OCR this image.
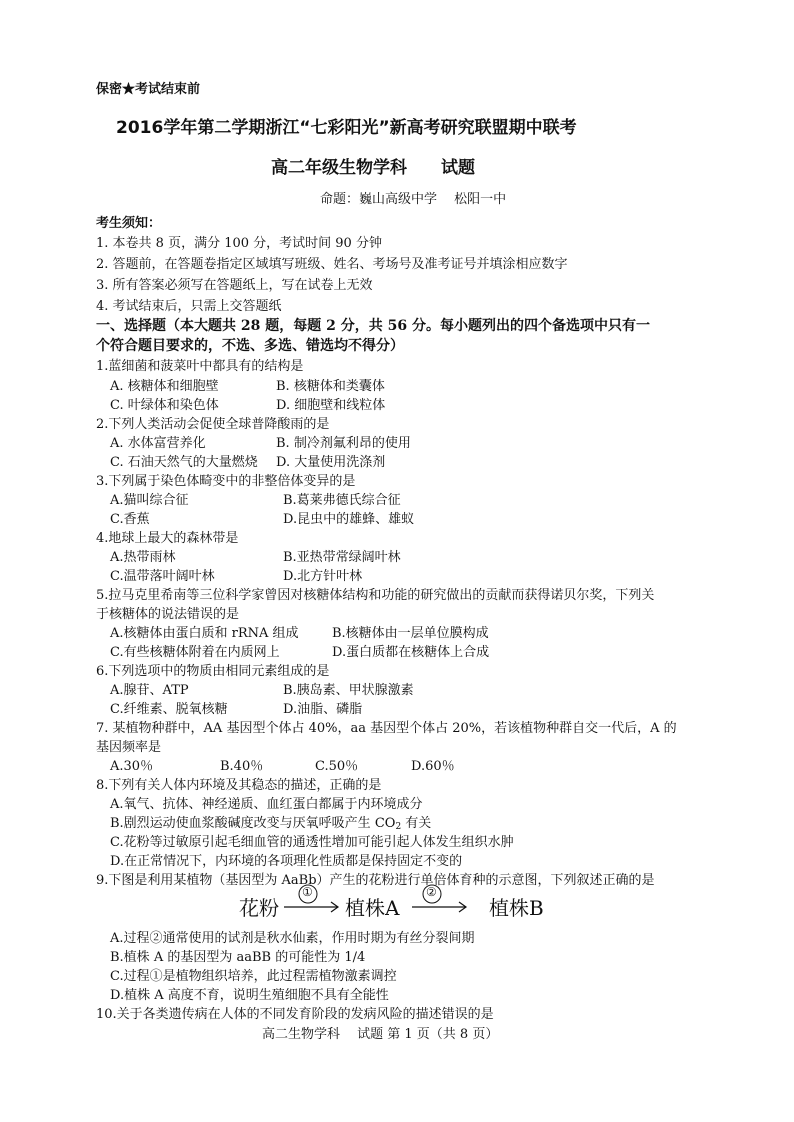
保密★考试结束前
2016学年第二学期浙江“七彩阳光”新高考研究联盟期中联考
高二年级生物学科　　试题
命题：巍山高级中学　 松阳一中
考生须知：
1. 本卷共 8 页，满分 100 分，考试时间 90 分钟
2. 答题前，在答题卷指定区域填写班级、姓名、考场号及准考证号并填涂相应数字
3. 所有答案必须写在答题纸上，写在试卷上无效
4. 考试结束后，只需上交答题纸
一、选择题（本大题共 28 题，每题 2 分，共 56 分。每小题列出的四个备选项中只有一
个符合题目要求的，不选、多选、错选均不得分）
1.蓝细菌和菠菜叶中都具有的结构是
A. 核糖体和细胞壁	B. 核糖体和类囊体
C. 叶绿体和染色体	D. 细胞壁和线粒体
2.下列人类活动会促使全球普降酸雨的是
A. 水体富营养化	B. 制冷剂氟利昂的使用
C. 石油天然气的大量燃烧 D. 大量使用洗涤剂
3.下列属于染色体畸变中的非整倍体变异的是
A.猫叫综合征	B.葛莱弗德氏综合征
C.香蕉	D.昆虫中的雄蜂、雄蚁
4.地球上最大的森林带是
A.热带雨林	B.亚热带常绿阔叶林
C.温带落叶阔叶林	D.北方针叶林
5.拉马克里希南等三位科学家曾因对核糖体结构和功能的研究做出的贡献而获得诺贝尔奖，下列关
于核糖体的说法错误的是
A.核糖体由蛋白质和 rRNA 组成	B.核糖体由一层单位膜构成
C.有些核糖体附着在内质网上	D.蛋白质都在核糖体上合成
6.下列选项中的物质由相同元素组成的是
A.腺苷、ATP	B.胰岛素、甲状腺激素
C.纤维素、脱氧核糖	D.油脂、磷脂
7. 某植物种群中，AA 基因型个体占 40%，aa 基因型个体占 20%，若该植物种群自交一代后，A 的
基因频率是
A.30％	B.40％	C.50％	D.60％
8.下列有关人体内环境及其稳态的描述，正确的是
A.氧气、抗体、神经递质、血红蛋白都属于内环境成分
B.剧烈运动使血浆酸碱度改变与厌氧呼吸产生 $CO_2$ 有关
C.花粉等过敏原引起毛细血管的通透性增加可能引起人体发生组织水肿
D.在正常情况下，内环境的各项理化性质都是保持固定不变的
9.下图是利用某植物（基因型为 AaBb）产生的花粉进行单倍体育种的示意图，下列叙述正确的是
花粉
①
植株A
②
植株B
A.过程②通常使用的试剂是秋水仙素，作用时期为有丝分裂间期
B.植株 A 的基因型为 aaBB 的可能性为 1/4
C.过程①是植物组织培养，此过程需植物激素调控
D.植株 A 高度不育，说明生殖细胞不具有全能性
10.关于各类遗传病在人体的不同发育阶段的发病风险的描述错误的是
高二生物学科　 试题 第 1 页（共 8 页）
